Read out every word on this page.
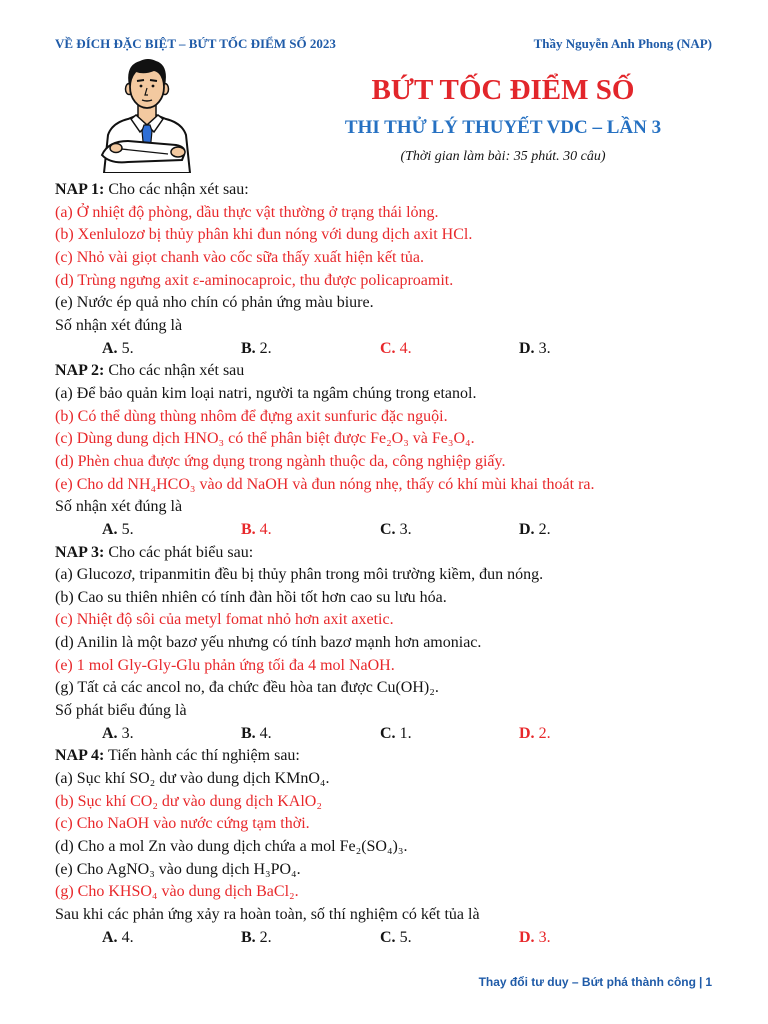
VỀ ĐÍCH ĐẶC BIỆT – BỨT TỐC ĐIỂM SỐ 2023	Thầy Nguyễn Anh Phong (NAP)
BỨT TỐC ĐIỂM SỐ
THI THỬ LÝ THUYẾT VDC – LẦN 3
(Thời gian làm bài: 35 phút. 30 câu)
NAP 1: Cho các nhận xét sau:
(a) Ở nhiệt độ phòng, dầu thực vật thường ở trạng thái lỏng.
(b) Xenlulozơ bị thủy phân khi đun nóng với dung dịch axit HCl.
(c) Nhỏ vài giọt chanh vào cốc sữa thấy xuất hiện kết tủa.
(d) Trùng ngưng axit ε-aminocaproic, thu được policaproamit.
(e) Nước ép quả nho chín có phản ứng màu biure.
Số nhận xét đúng là
A. 5.	B. 2.	C. 4.	D. 3.
NAP 2: Cho các nhận xét sau
(a) Để bảo quản kim loại natri, người ta ngâm chúng trong etanol.
(b) Có thể dùng thùng nhôm để đựng axit sunfuric đặc nguội.
(c) Dùng dung dịch HNO₃ có thể phân biệt được Fe₂O₃ và Fe₃O₄.
(d) Phèn chua được ứng dụng trong ngành thuộc da, công nghiệp giấy.
(e) Cho dd NH₄HCO₃ vào dd NaOH và đun nóng nhẹ, thấy có khí mùi khai thoát ra.
Số nhận xét đúng là
A. 5.	B. 4.	C. 3.	D. 2.
NAP 3: Cho các phát biểu sau:
(a) Glucozơ, tripanmitin đều bị thủy phân trong môi trường kiềm, đun nóng.
(b) Cao su thiên nhiên có tính đàn hồi tốt hơn cao su lưu hóa.
(c) Nhiệt độ sôi của metyl fomat nhỏ hơn axit axetic.
(d) Anilin là một bazơ yếu nhưng có tính bazơ mạnh hơn amoniac.
(e) 1 mol Gly-Gly-Glu phản ứng tối đa 4 mol NaOH.
(g) Tất cả các ancol no, đa chức đều hòa tan được Cu(OH)₂.
Số phát biểu đúng là
A. 3.	B. 4.	C. 1.	D. 2.
NAP 4: Tiến hành các thí nghiệm sau:
(a) Sục khí SO₂ dư vào dung dịch KMnO₄.
(b) Sục khí CO₂ dư vào dung dịch KAlO₂
(c) Cho NaOH vào nước cứng tạm thời.
(d) Cho a mol Zn vào dung dịch chứa a mol Fe₂(SO₄)₃.
(e) Cho AgNO₃ vào dung dịch H₃PO₄.
(g) Cho KHSO₄ vào dung dịch BaCl₂.
Sau khi các phản ứng xảy ra hoàn toàn, số thí nghiệm có kết tủa là
A. 4.	B. 2.	C. 5.	D. 3.
Thay đổi tư duy – Bứt phá thành công | 1
